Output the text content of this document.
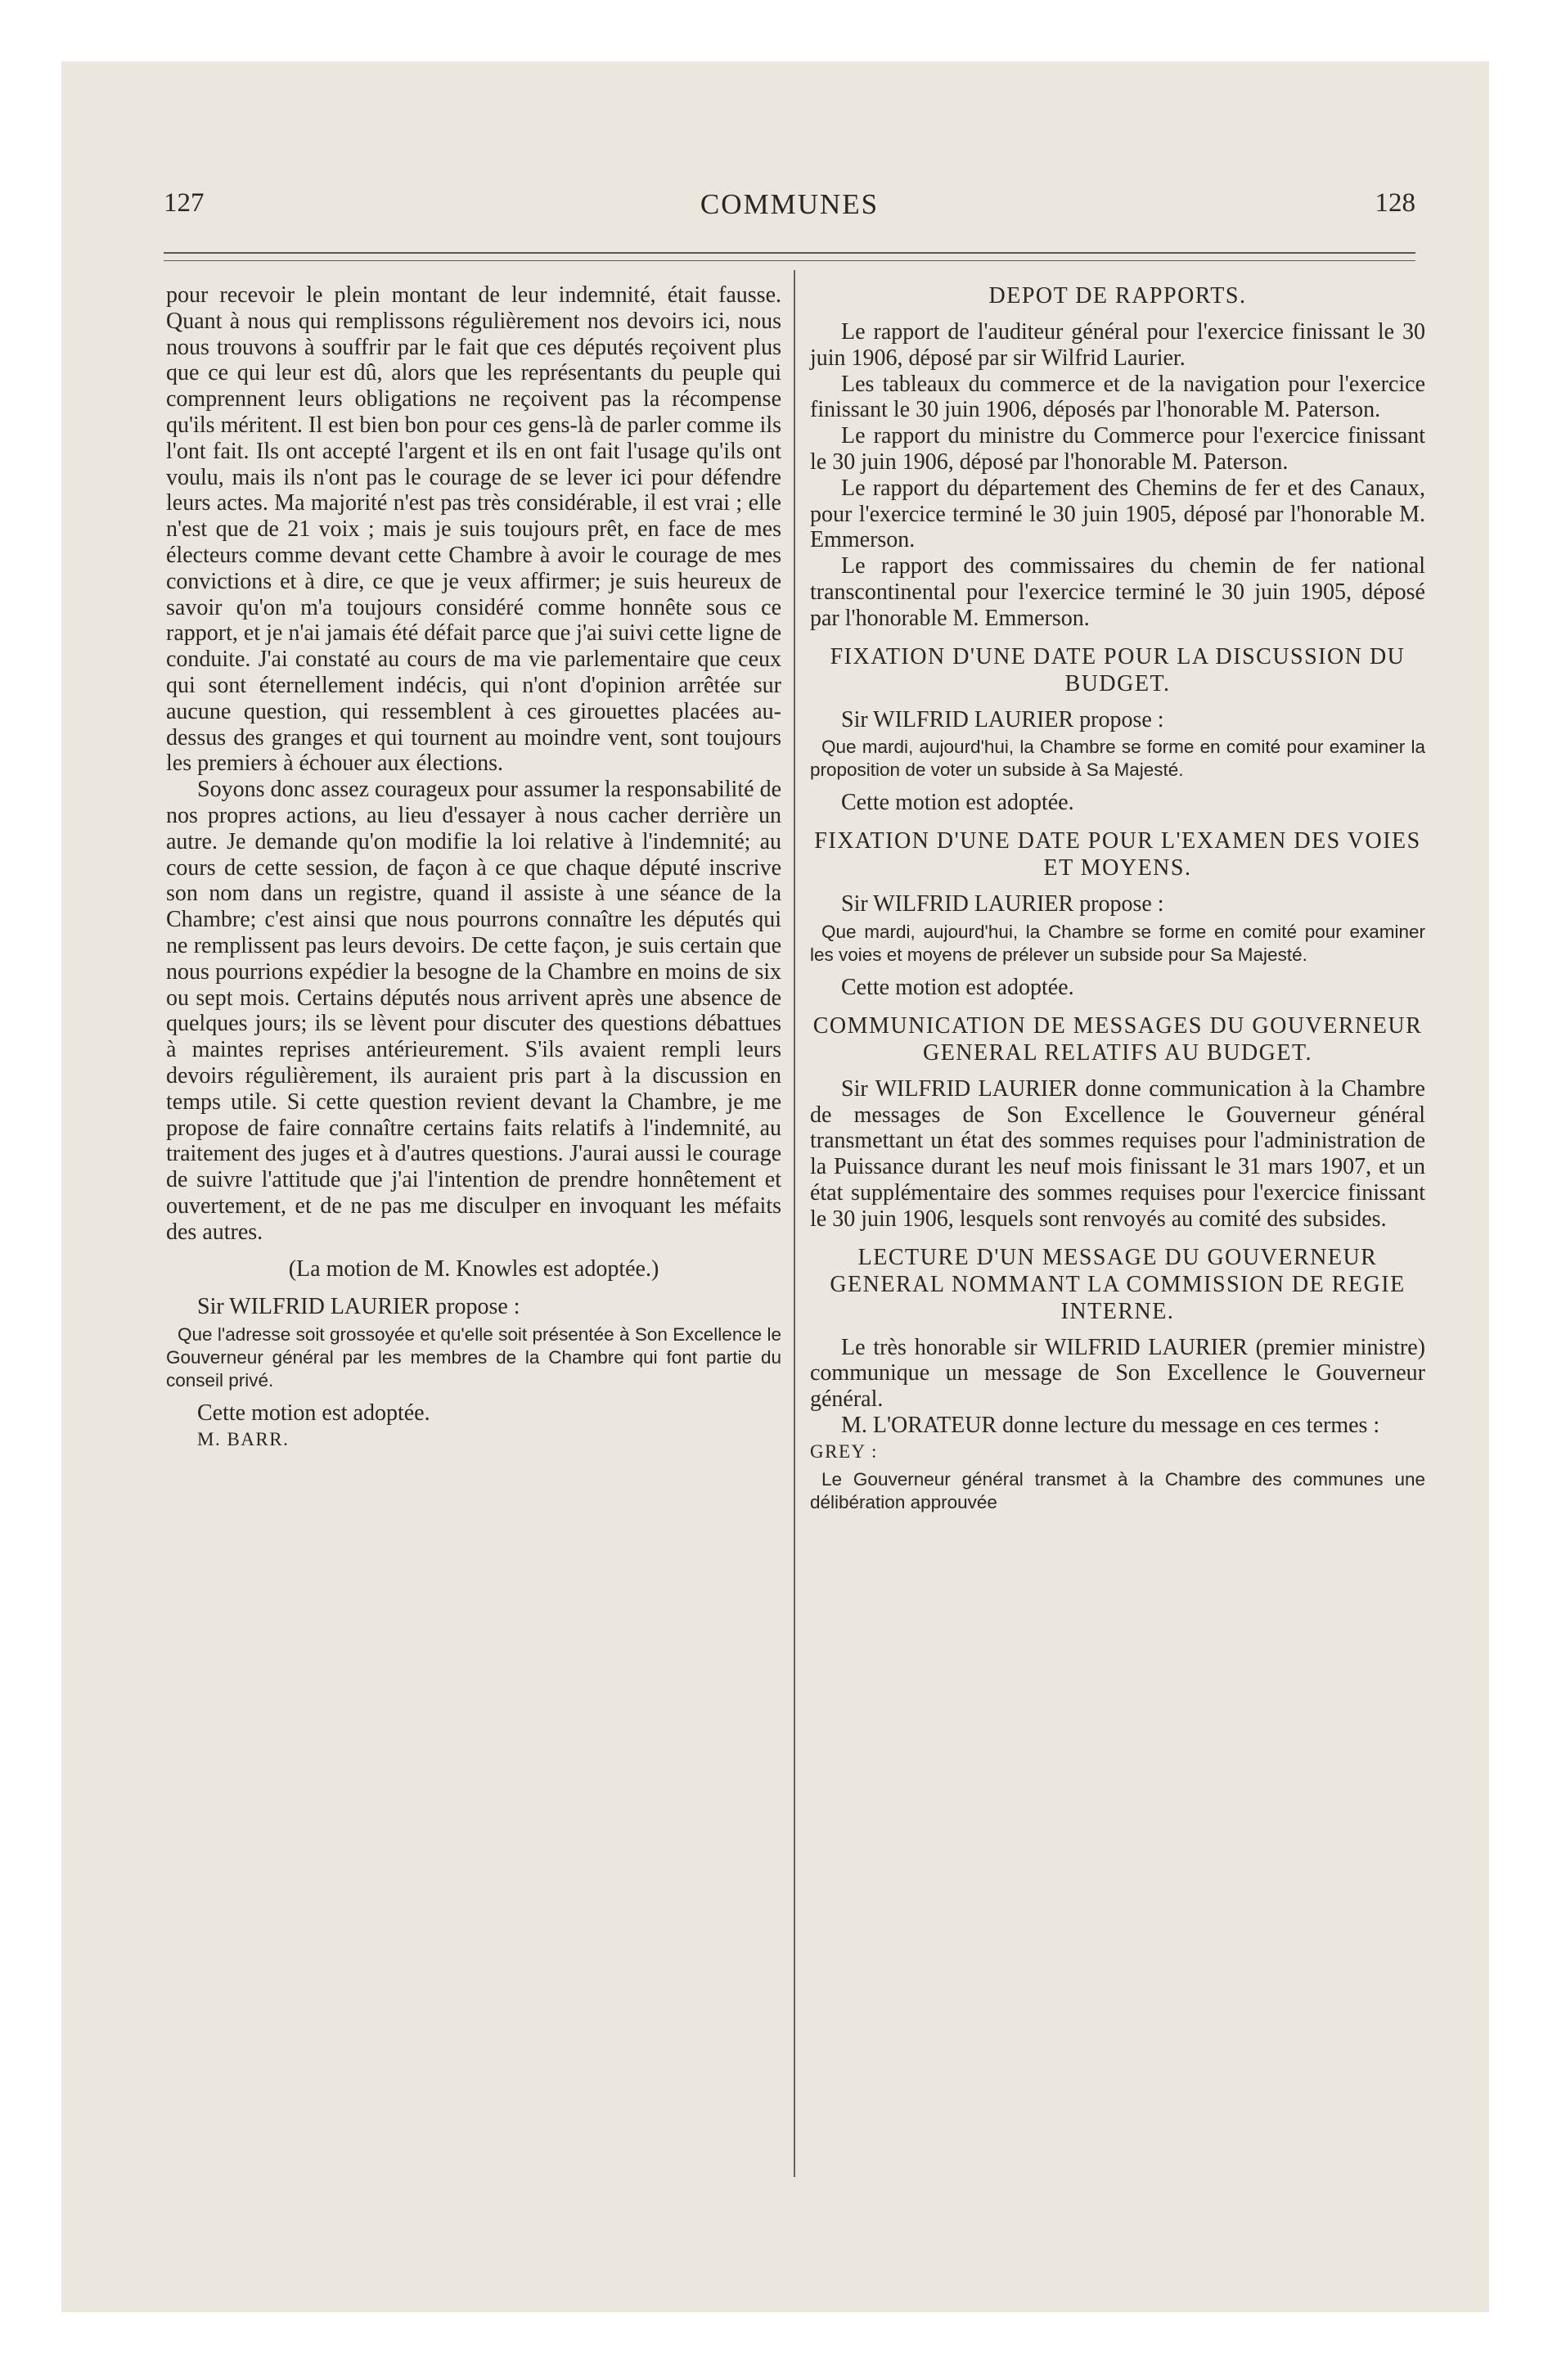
127	COMMUNES	128

pour recevoir le plein montant de leur indemnité, était fausse. Quant à nous qui remplissons régulièrement nos devoirs ici, nous nous trouvons à souffrir par le fait que ces députés reçoivent plus que ce qui leur est dû, alors que les représentants du peuple qui comprennent leurs obligations ne reçoivent pas la récompense qu'ils méritent. Il est bien bon pour ces gens-là de parler comme ils l'ont fait. Ils ont accepté l'argent et ils en ont fait l'usage qu'ils ont voulu, mais ils n'ont pas le courage de se lever ici pour défendre leurs actes. Ma majorité n'est pas très considérable, il est vrai ; elle n'est que de 21 voix ; mais je suis toujours prêt, en face de mes électeurs comme devant cette Chambre à avoir le courage de mes convictions et à dire, ce que je veux affirmer; je suis heureux de savoir qu'on m'a toujours considéré comme honnête sous ce rapport, et je n'ai jamais été défait parce que j'ai suivi cette ligne de conduite. J'ai constaté au cours de ma vie parlementaire que ceux qui sont éternellement indécis, qui n'ont d'opinion arrêtée sur aucune question, qui ressemblent à ces girouettes placées au-dessus des granges et qui tournent au moindre vent, sont toujours les premiers à échouer aux élections.

Soyons donc assez courageux pour assumer la responsabilité de nos propres actions, au lieu d'essayer à nous cacher derrière un autre. Je demande qu'on modifie la loi relative à l'indemnité; au cours de cette session, de façon à ce que chaque député inscrive son nom dans un registre, quand il assiste à une séance de la Chambre; c'est ainsi que nous pourrons connaître les députés qui ne remplissent pas leurs devoirs. De cette façon, je suis certain que nous pourrions expédier la besogne de la Chambre en moins de six ou sept mois. Certains députés nous arrivent après une absence de quelques jours; ils se lèvent pour discuter des questions débattues à maintes reprises antérieurement. S'ils avaient rempli leurs devoirs régulièrement, ils auraient pris part à la discussion en temps utile. Si cette question revient devant la Chambre, je me propose de faire connaître certains faits relatifs à l'indemnité, au traitement des juges et à d'autres questions. J'aurai aussi le courage de suivre l'attitude que j'ai l'intention de prendre honnêtement et ouvertement, et de ne pas me disculper en invoquant les méfaits des autres.

(La motion de M. Knowles est adoptée.)

Sir WILFRID LAURIER propose :

Que l'adresse soit grossoyée et qu'elle soit présentée à Son Excellence le Gouverneur général par les membres de la Chambre qui font partie du conseil privé.

Cette motion est adoptée.

M. BARR.

DEPOT DE RAPPORTS.

Le rapport de l'auditeur général pour l'exercice finissant le 30 juin 1906, déposé par sir Wilfrid Laurier.

Les tableaux du commerce et de la navigation pour l'exercice finissant le 30 juin 1906, déposés par l'honorable M. Paterson.

Le rapport du ministre du Commerce pour l'exercice finissant le 30 juin 1906, déposé par l'honorable M. Paterson.

Le rapport du département des Chemins de fer et des Canaux, pour l'exercice terminé le 30 juin 1905, déposé par l'honorable M. Emmerson.

Le rapport des commissaires du chemin de fer national transcontinental pour l'exercice terminé le 30 juin 1905, déposé par l'honorable M. Emmerson.

FIXATION D'UNE DATE POUR LA DISCUSSION DU BUDGET.

Sir WILFRID LAURIER propose :

Que mardi, aujourd'hui, la Chambre se forme en comité pour examiner la proposition de voter un subside à Sa Majesté.

Cette motion est adoptée.

FIXATION D'UNE DATE POUR L'EXAMEN DES VOIES ET MOYENS.

Sir WILFRID LAURIER propose :

Que mardi, aujourd'hui, la Chambre se forme en comité pour examiner les voies et moyens de prélever un subside pour Sa Majesté.

Cette motion est adoptée.

COMMUNICATION DE MESSAGES DU GOUVERNEUR GENERAL RELATIFS AU BUDGET.

Sir WILFRID LAURIER donne communication à la Chambre de messages de Son Excellence le Gouverneur général transmettant un état des sommes requises pour l'administration de la Puissance durant les neuf mois finissant le 31 mars 1907, et un état supplémentaire des sommes requises pour l'exercice finissant le 30 juin 1906, lesquels sont renvoyés au comité des subsides.

LECTURE D'UN MESSAGE DU GOUVERNEUR GENERAL NOMMANT LA COMMISSION DE REGIE INTERNE.

Le très honorable sir WILFRID LAURIER (premier ministre) communique un message de Son Excellence le Gouverneur général.

M. L'ORATEUR donne lecture du message en ces termes :

GREY :

Le Gouverneur général transmet à la Chambre des communes une délibération approuvée
